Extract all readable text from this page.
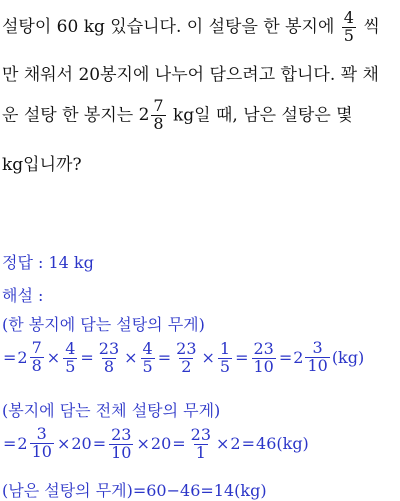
설탕이 60 kg 있습니다. 이 설탕을 한 봉지에 $\frac{4}{5}$ 씩
만 채워서 20봉지에 나누어 담으려고 합니다. 꽉 채
운 설탕 한 봉지는 $2 \frac{7}{8}$ kg일 때, 남은 설탕은 몇
kg입니까?
정답 : 14 kg
해설 :
(한 봉지에 담는 설탕의 무게)
= $2 \frac{7}{8} \times \frac{4}{5} = \frac{23}{8} \times \frac{4}{5} = \frac{23}{2} \times \frac{1}{5} = \frac{23}{10} = 2 \frac{3}{10} (kg)$
(봉지에 담는 전체 설탕의 무게)
= $2 \frac{3}{10} \times 20= \frac{23}{10} \times 20= \frac{23}{1} \times 2=46(kg)$
(남은 설탕의 무게)=60−46=14(kg)
